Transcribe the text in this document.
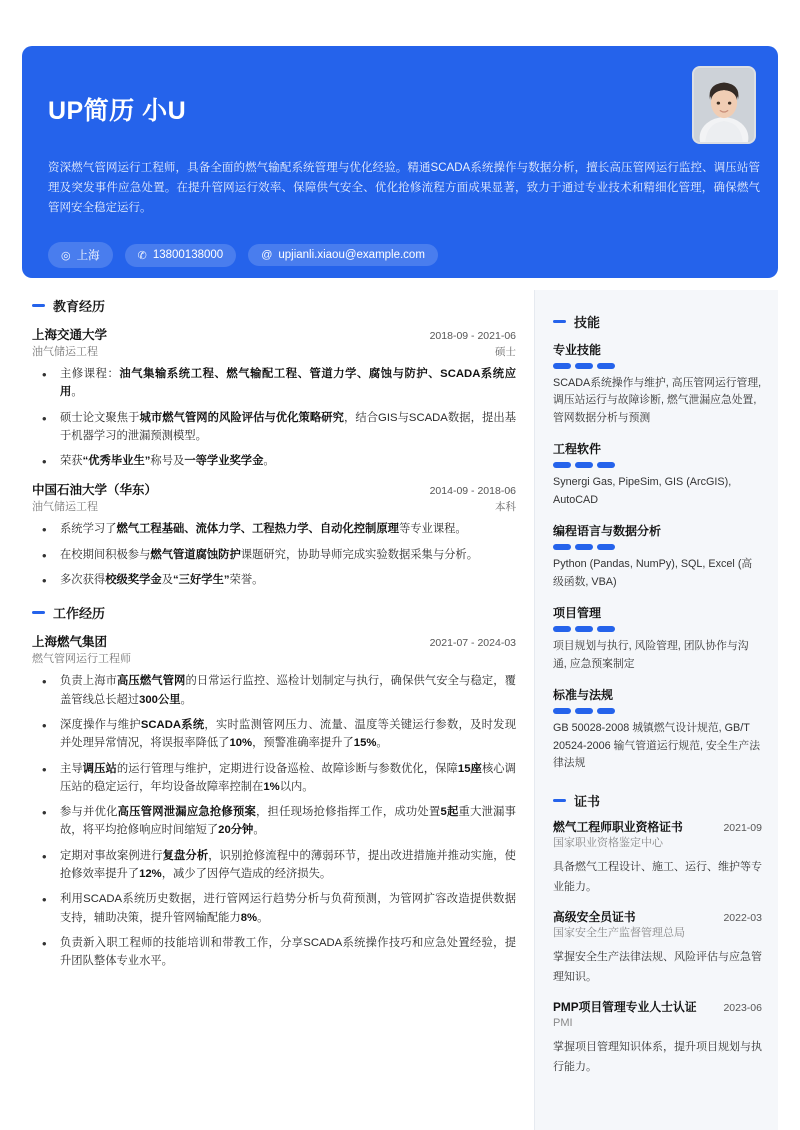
UP简历 小U
资深燃气管网运行工程师，具备全面的燃气输配系统管理与优化经验。精通SCADA系统操作与数据分析，擅长高压管网运行监控、调压站管理及突发事件应急处置。在提升管网运行效率、保障供气安全、优化抢修流程方面成果显著，致力于通过专业技术和精细化管理，确保燃气管网安全稳定运行。
◎ 上海	✆ 13800138000	@ upjianli.xiaou@example.com
教育经历
上海交通大学	2018-09 - 2021-06
油气储运工程	硕士
• 主修课程：油气集输系统工程、燃气输配工程、管道力学、腐蚀与防护、SCADA系统应用。
• 硕士论文聚焦于城市燃气管网的风险评估与优化策略研究，结合GIS与SCADA数据，提出基于机器学习的泄漏预测模型。
• 荣获“优秀毕业生”称号及一等学业奖学金。
中国石油大学（华东）	2014-09 - 2018-06
油气储运工程	本科
• 系统学习了燃气工程基础、流体力学、工程热力学、自动化控制原理等专业课程。
• 在校期间积极参与燃气管道腐蚀防护课题研究，协助导师完成实验数据采集与分析。
• 多次获得校级奖学金及“三好学生”荣誉。
工作经历
上海燃气集团	2021-07 - 2024-03
燃气管网运行工程师
• 负责上海市高压燃气管网的日常运行监控、巡检计划制定与执行，确保供气安全与稳定，覆盖管线总长超过300公里。
• 深度操作与维护SCADA系统，实时监测管网压力、流量、温度等关键运行参数，及时发现并处理异常情况，将误报率降低了10%，预警准确率提升了15%。
• 主导调压站的运行管理与维护，定期进行设备巡检、故障诊断与参数优化，保障15座核心调压站的稳定运行，年均设备故障率控制在1%以内。
• 参与并优化高压管网泄漏应急抢修预案，担任现场抢修指挥工作，成功处置5起重大泄漏事故，将平均抢修响应时间缩短了20分钟。
• 定期对事故案例进行复盘分析，识别抢修流程中的薄弱环节，提出改进措施并推动实施，使抢修效率提升了12%，减少了因停气造成的经济损失。
• 利用SCADA系统历史数据，进行管网运行趋势分析与负荷预测，为管网扩容改造提供数据支持，辅助决策，提升管网输配能力8%。
• 负责新入职工程师的技能培训和带教工作，分享SCADA系统操作技巧和应急处置经验，提升团队整体专业水平。
技能
专业技能
SCADA系统操作与维护, 高压管网运行管理, 调压站运行与故障诊断, 燃气泄漏应急处置, 管网数据分析与预测
工程软件
Synergi Gas, PipeSim, GIS (ArcGIS), AutoCAD
编程语言与数据分析
Python (Pandas, NumPy), SQL, Excel (高级函数, VBA)
项目管理
项目规划与执行, 风险管理, 团队协作与沟通, 应急预案制定
标准与法规
GB 50028-2008 城镇燃气设计规范, GB/T 20524-2006 输气管道运行规范, 安全生产法律法规
证书
燃气工程师职业资格证书	2021-09
国家职业资格鉴定中心
具备燃气工程设计、施工、运行、维护等专业能力。
高级安全员证书	2022-03
国家安全生产监督管理总局
掌握安全生产法律法规、风险评估与应急管理知识。
PMP项目管理专业人士认证	2023-06
PMI
掌握项目管理知识体系，提升项目规划与执行能力。
